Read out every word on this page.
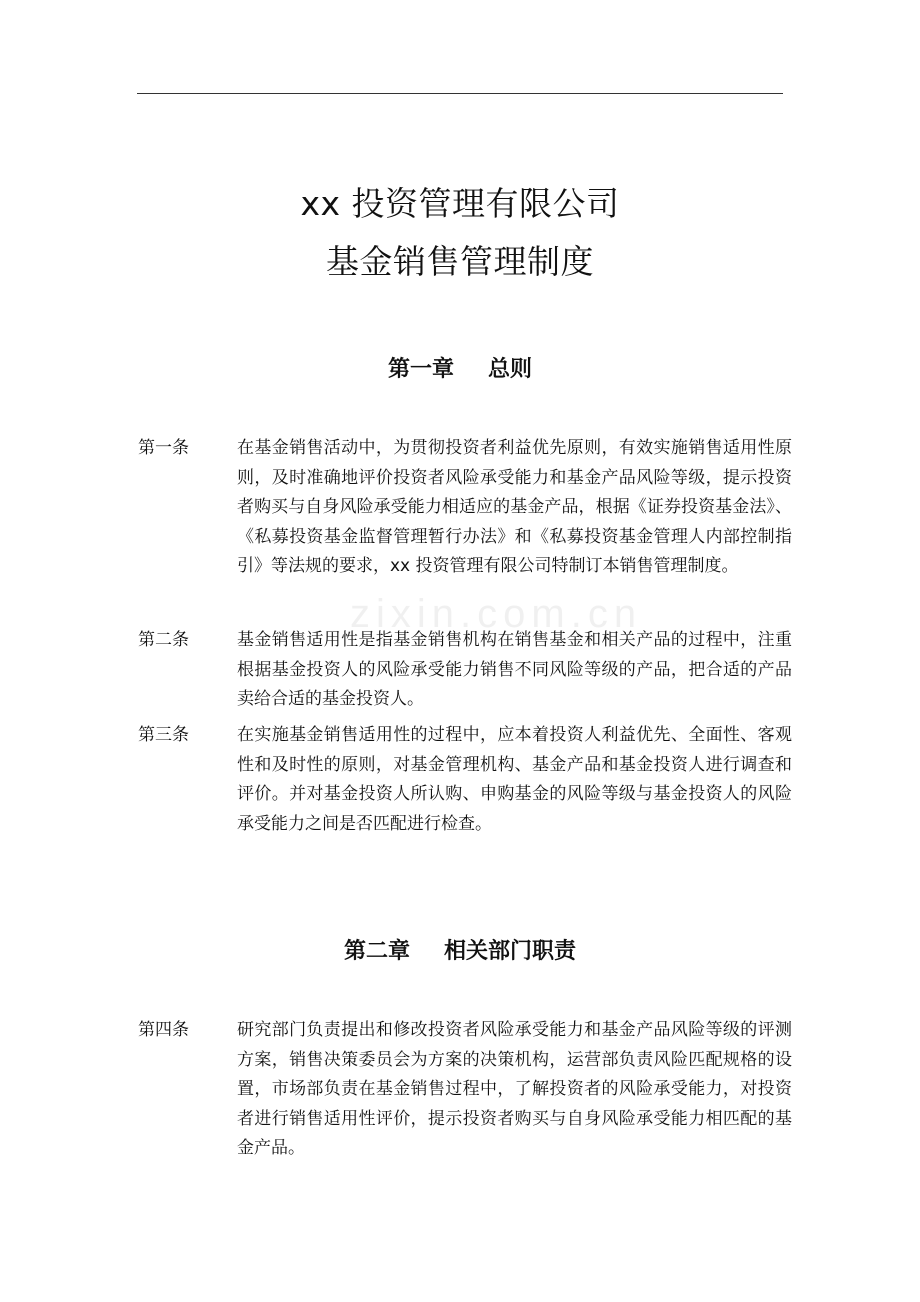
xx 投资管理有限公司
基金销售管理制度
第一章 总则
第一条	在基金销售活动中，为贯彻投资者利益优先原则，有效实施销售适用性原则，及时准确地评价投资者风险承受能力和基金产品风险等级，提示投资者购买与自身风险承受能力相适应的基金产品，根据《证券投资基金法》、《私募投资基金监督管理暂行办法》和《私募投资基金管理人内部控制指引》等法规的要求，xx 投资管理有限公司特制订本销售管理制度。
zixin.com.cn
第二条	基金销售适用性是指基金销售机构在销售基金和相关产品的过程中，注重根据基金投资人的风险承受能力销售不同风险等级的产品，把合适的产品卖给合适的基金投资人。
第三条	在实施基金销售适用性的过程中，应本着投资人利益优先、全面性、客观性和及时性的原则，对基金管理机构、基金产品和基金投资人进行调查和评价。并对基金投资人所认购、申购基金的风险等级与基金投资人的风险承受能力之间是否匹配进行检查。
第二章 相关部门职责
第四条	研究部门负责提出和修改投资者风险承受能力和基金产品风险等级的评测方案，销售决策委员会为方案的决策机构，运营部负责风险匹配规格的设置，市场部负责在基金销售过程中，了解投资者的风险承受能力，对投资者进行销售适用性评价，提示投资者购买与自身风险承受能力相匹配的基金产品。
